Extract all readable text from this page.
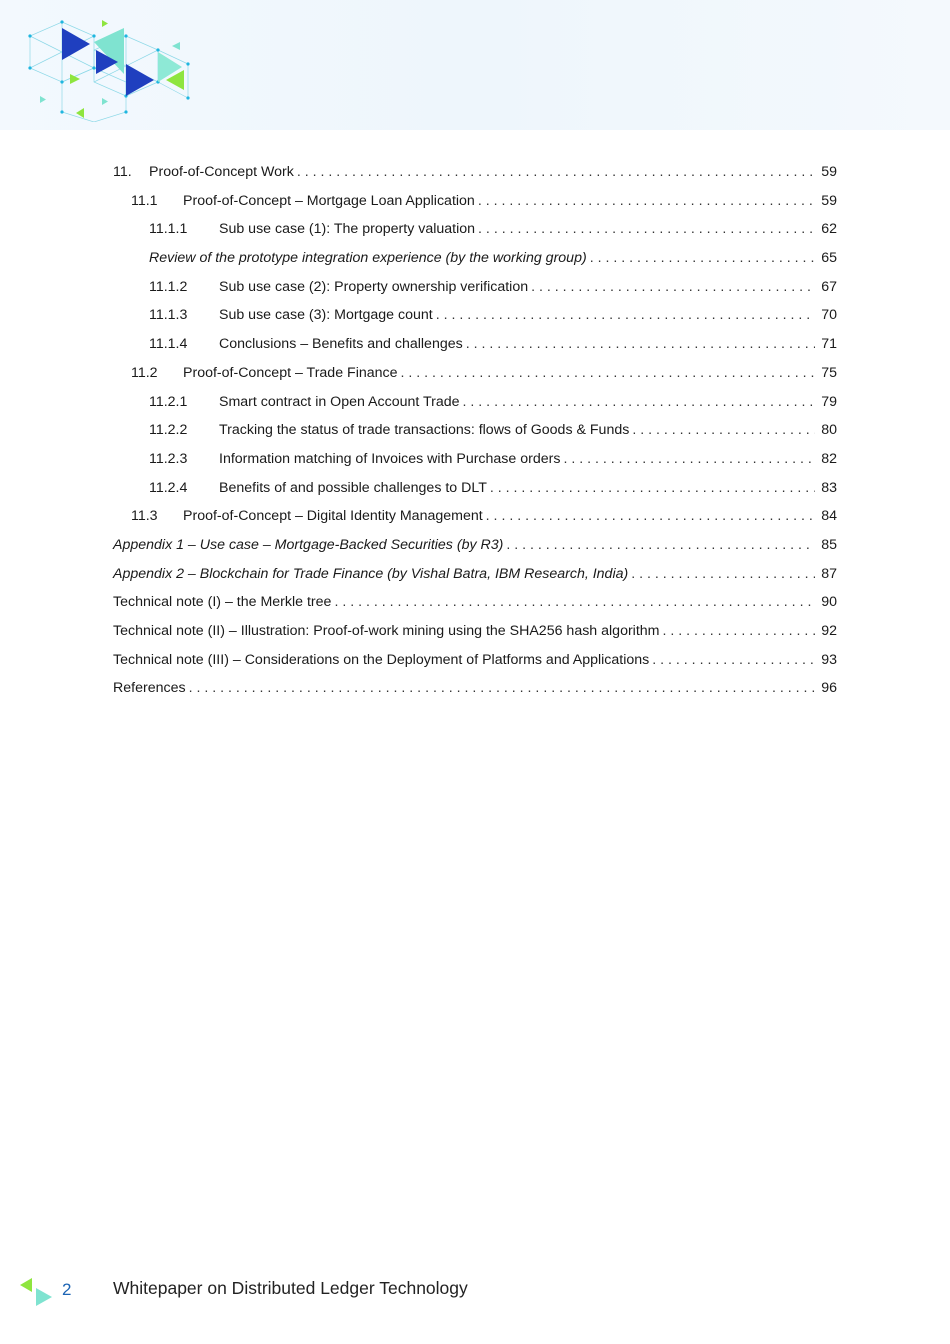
11.	Proof-of-Concept Work . . .	59
11.1	Proof-of-Concept – Mortgage Loan Application . . .	59
11.1.1	Sub use case (1): The property valuation . . .	62
Review of the prototype integration experience (by the working group) . . .	65
11.1.2	Sub use case (2): Property ownership verification . . .	67
11.1.3	Sub use case (3): Mortgage count . . .	70
11.1.4	Conclusions – Benefits and challenges . . .	71
11.2	Proof-of-Concept – Trade Finance . . .	75
11.2.1	Smart contract in Open Account Trade . . .	79
11.2.2	Tracking the status of trade transactions: flows of Goods & Funds . . .	80
11.2.3	Information matching of Invoices with Purchase orders . . .	82
11.2.4	Benefits of and possible challenges to DLT . . .	83
11.3	Proof-of-Concept – Digital Identity Management . . .	84
Appendix 1 – Use case – Mortgage-Backed Securities (by R3) . . .	85
Appendix 2 – Blockchain for Trade Finance (by Vishal Batra, IBM Research, India) . . .	87
Technical note (I) – the Merkle tree . . .	90
Technical note (II) – Illustration: Proof-of-work mining using the SHA256 hash algorithm . . .	92
Technical note (III) – Considerations on the Deployment of Platforms and Applications . . .	93
References . . .	96
2 Whitepaper on Distributed Ledger Technology
